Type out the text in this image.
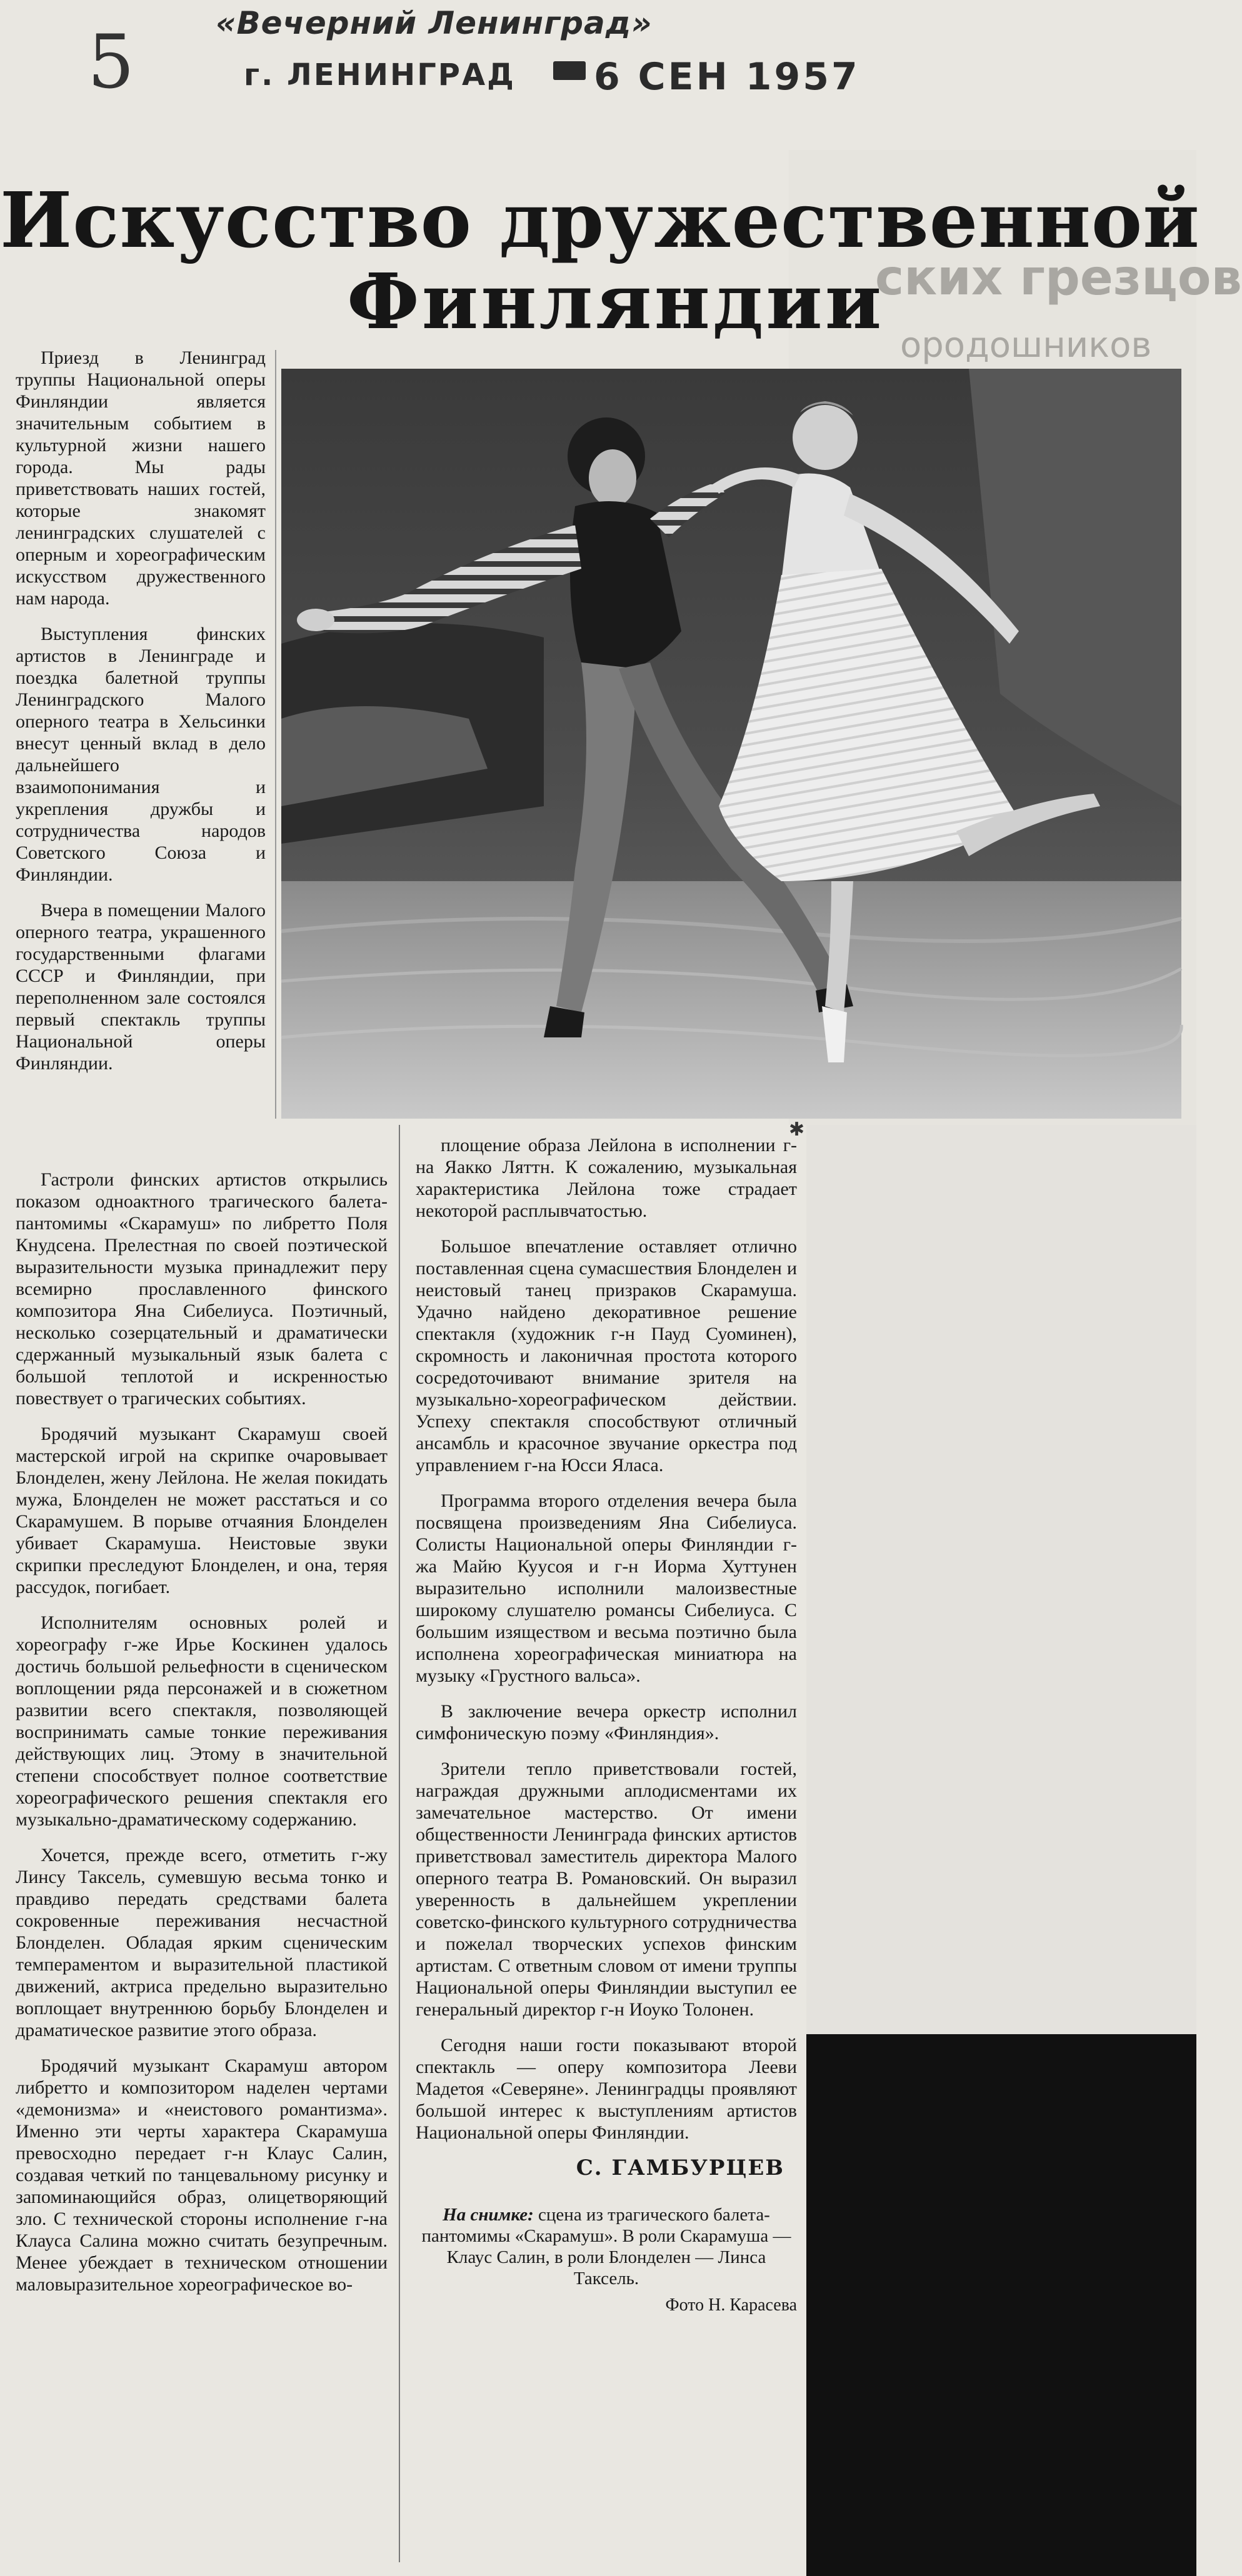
5	«Вечерний Ленинград»
г. ЛЕНИНГРАД 6 СЕН 1957
ских грезцов
ородошников
Искусство дружественной
Финляндии
✱

Приезд в Ленинград труппы Национальной оперы Финляндии является значительным событием в культурной жизни нашего города. Мы рады приветствовать наших гостей, которые знакомят ленинградских слушателей с оперным и хореографическим искусством дружественного нам народа.

Выступления финских артистов в Ленинграде и поездка балетной труппы Ленинградского Малого оперного театра в Хельсинки внесут ценный вклад в дело дальнейшего взаимопонимания и укрепления дружбы и сотрудничества народов Советского Союза и Финляндии.

Вчера в помещении Малого оперного театра, украшенного государственными флагами СССР и Финляндии, при переполненном зале состоялся первый спектакль труппы Национальной оперы Финляндии.

Гастроли финских артистов открылись показом одноактного трагического балета-пантомимы «Скарамуш» по либретто Поля Кнудсена. Прелестная по своей поэтической выразительности музыка принадлежит перу всемирно прославленного финского композитора Яна Сибелиуса. Поэтичный, несколько созерцательный и драматически сдержанный музыкальный язык балета с большой теплотой и искренностью повествует о трагических событиях.

Бродячий музыкант Скарамуш своей мастерской игрой на скрипке очаровывает Блонделен, жену Лейлона. Не желая покидать мужа, Блонделен не может расстаться и со Скарамушем. В порыве отчаяния Блонделен убивает Скарамуша. Неистовые звуки скрипки преследуют Блонделен, и она, теряя рассудок, погибает.

Исполнителям основных ролей и хореографу г-же Ирье Коскинен удалось достичь большой рельефности в сценическом воплощении ряда персонажей и в сюжетном развитии всего спектакля, позволяющей воспринимать самые тонкие переживания действующих лиц. Этому в значительной степени способствует полное соответствие хореографического решения спектакля его музыкально-драматическому содержанию.

Хочется, прежде всего, отметить г-жу Линсу Таксель, сумевшую весьма тонко и правдиво передать средствами балета сокровенные переживания несчастной Блонделен. Обладая ярким сценическим темпераментом и выразительной пластикой движений, актриса предельно выразительно воплощает внутреннюю борьбу Блонделен и драматическое развитие этого образа.

Бродячий музыкант Скарамуш автором либретто и композитором наделен чертами «демонизма» и «неистового романтизма». Именно эти черты характера Скарамуша превосходно передает г-н Клаус Салин, создавая четкий по танцевальному рисунку и запоминающийся образ, олицетворяющий зло. С технической стороны исполнение г-на Клауса Салина можно считать безупречным. Менее убеждает в техническом отношении маловыразительное хореографическое во-

площение образа Лейлона в исполнении г-на Яакко Ляттн. К сожалению, музыкальная характеристика Лейлона тоже страдает некоторой расплывчатостью.

Большое впечатление оставляет отлично поставленная сцена сумасшествия Блонделен и неистовый танец призраков Скарамуша. Удачно найдено декоративное решение спектакля (художник г-н Пауд Суоминен), скромность и лаконичная простота которого сосредоточивают внимание зрителя на музыкально-хореографическом действии. Успеху спектакля способствуют отличный ансамбль и красочное звучание оркестра под управлением г-на Юсси Яласа.

Программа второго отделения вечера была посвящена произведениям Яна Сибелиуса. Солисты Национальной оперы Финляндии г-жа Майю Куусоя и г-н Иорма Хуттунен выразительно исполнили малоизвестные широкому слушателю романсы Сибелиуса. С большим изяществом и весьма поэтично была исполнена хореографическая миниатюра на музыку «Грустного вальса».

В заключение вечера оркестр исполнил симфоническую поэму «Финляндия».

Зрители тепло приветствовали гостей, награждая дружными аплодисментами их замечательное мастерство. От имени общественности Ленинграда финских артистов приветствовал заместитель директора Малого оперного театра В. Романовский. Он выразил уверенность в дальнейшем укреплении советско-финского культурного сотрудничества и пожелал творческих успехов финским артистам. С ответным словом от имени труппы Национальной оперы Финляндии выступил ее генеральный директор г-н Иоуко Толонен.

Сегодня наши гости показывают второй спектакль — оперу композитора Лееви Мадетоя «Северяне». Ленинградцы проявляют большой интерес к выступлениям артистов Национальной оперы Финляндии.

С. ГАМБУРЦЕВ
На снимке: сцена из трагического балета-пантомимы «Скарамуш». В роли Скарамуша — Клаус Салин, в роли Блонделен — Линса Таксель.
Фото Н. Карасева
